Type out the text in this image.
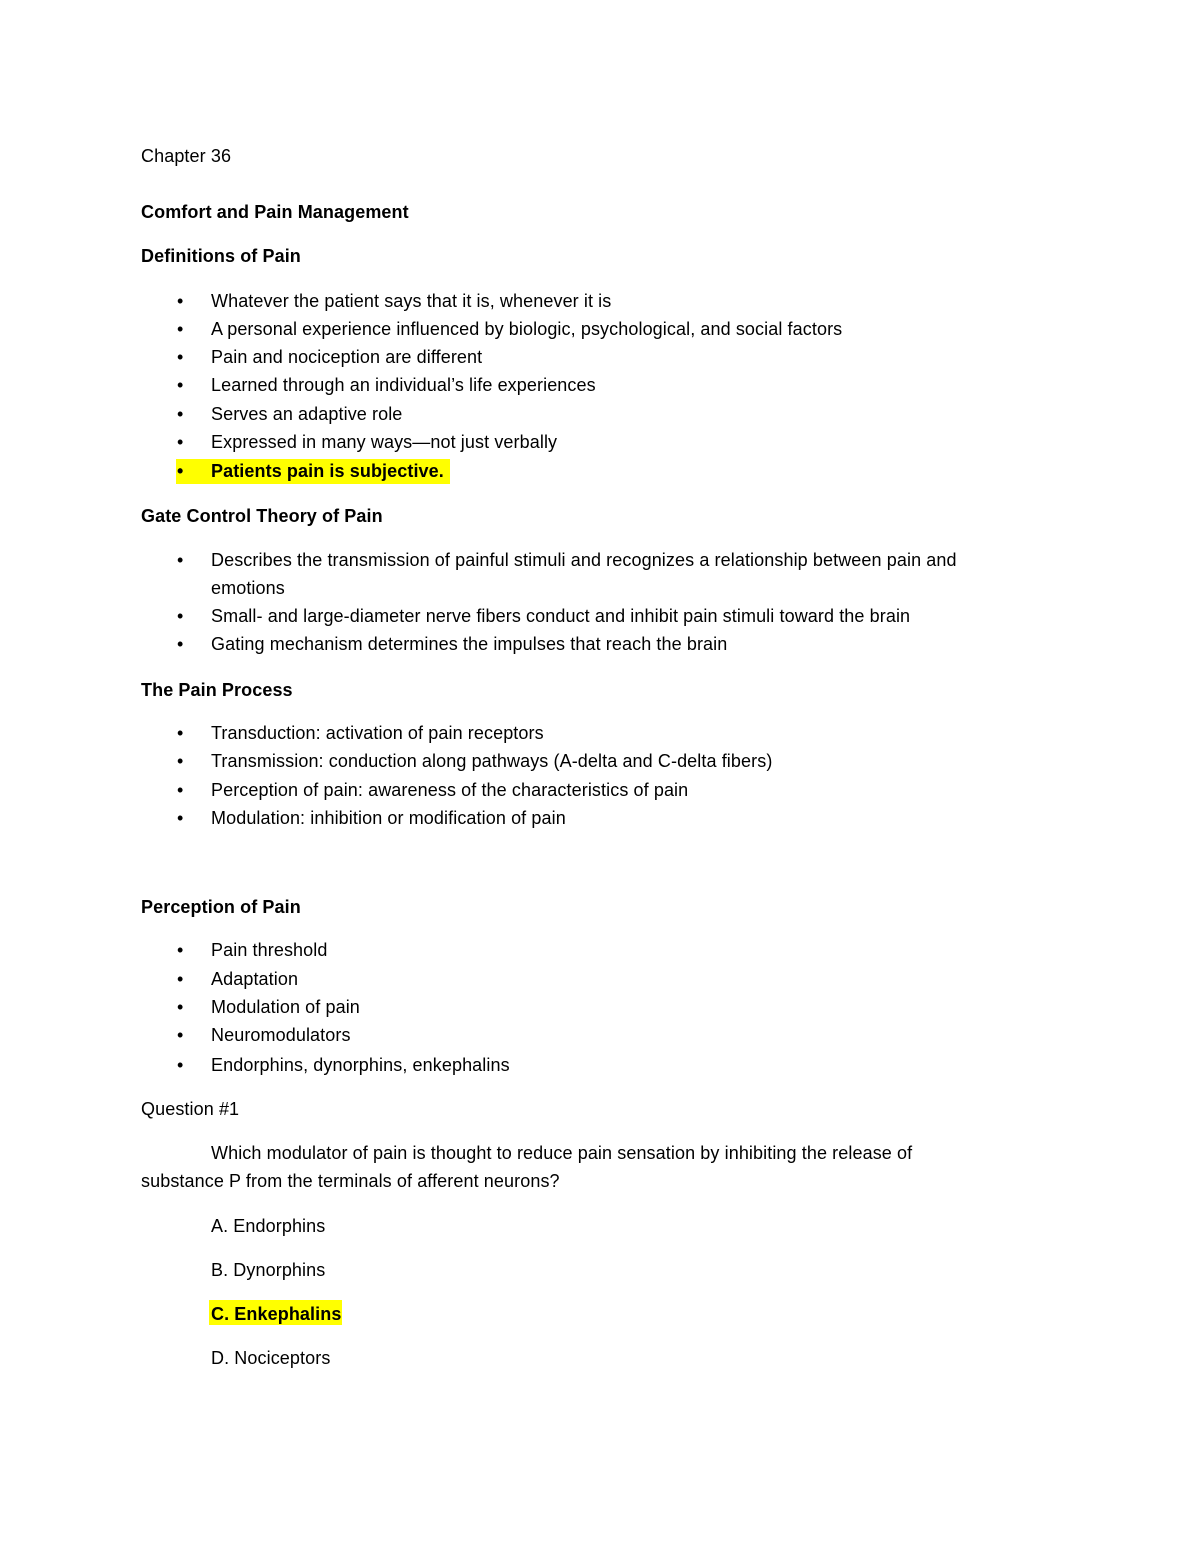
Chapter 36
Comfort and Pain Management
Definitions of Pain
• Whatever the patient says that it is, whenever it is
• A personal experience influenced by biologic, psychological, and social factors
• Pain and nociception are different
• Learned through an individual’s life experiences
• Serves an adaptive role
• Expressed in many ways—not just verbally
• Patients pain is subjective.
Gate Control Theory of Pain
• Describes the transmission of painful stimuli and recognizes a relationship between pain and
emotions
• Small- and large-diameter nerve fibers conduct and inhibit pain stimuli toward the brain
• Gating mechanism determines the impulses that reach the brain
The Pain Process
• Transduction: activation of pain receptors
• Transmission: conduction along pathways (A-delta and C-delta fibers)
• Perception of pain: awareness of the characteristics of pain
• Modulation: inhibition or modification of pain
Perception of Pain
• Pain threshold
• Adaptation
• Modulation of pain
• Neuromodulators
• Endorphins, dynorphins, enkephalins
Question #1
Which modulator of pain is thought to reduce pain sensation by inhibiting the release of
substance P from the terminals of afferent neurons?
A. Endorphins
B. Dynorphins
C. Enkephalins
D. Nociceptors
